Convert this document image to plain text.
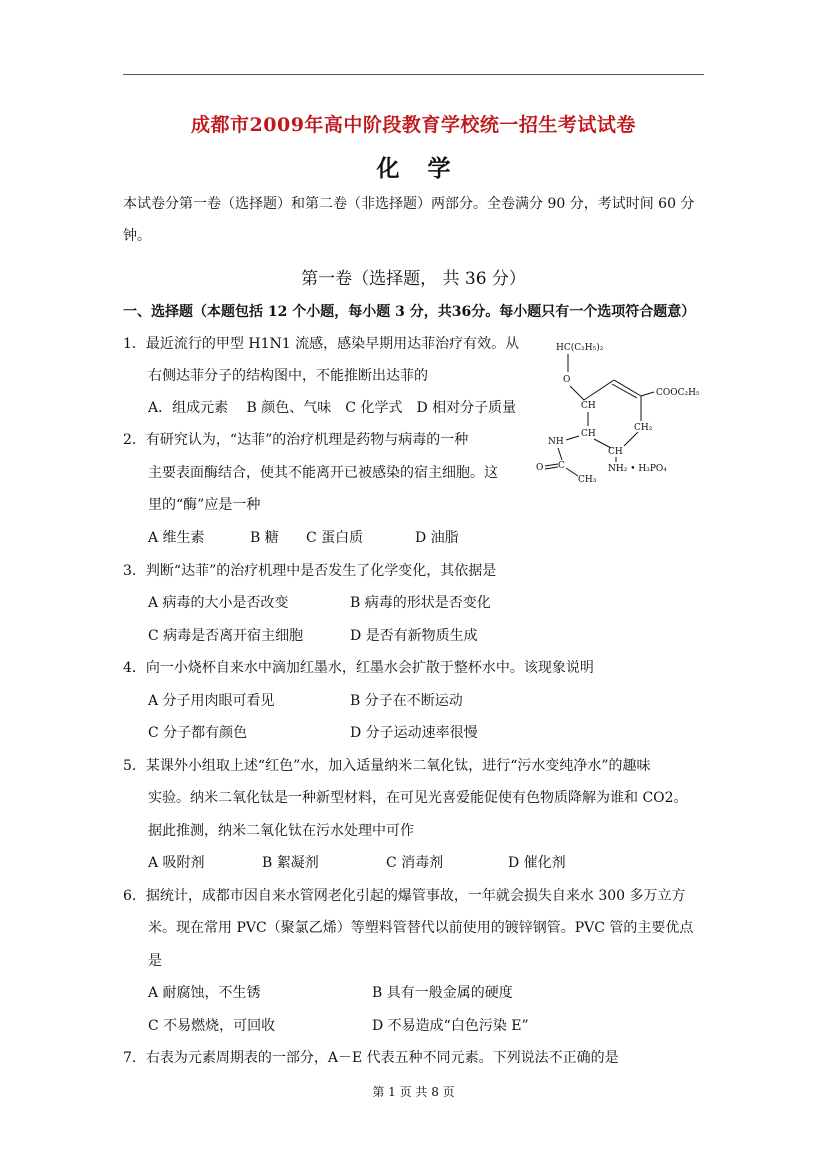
成都市2009年高中阶段教育学校统一招生考试试卷
化学
本试卷分第一卷（选择题）和第二卷（非选择题）两部分。全卷满分 90 分，考试时间 60 分
钟。
第一卷（选择题， 共 36 分）
一、选择题（本题包括 12 个小题，每小题 3 分，共36分。每小题只有一个选项符合题意）
1．最近流行的甲型 H1N1 流感，感染早期用达菲治疗有效。从
右侧达菲分子的结构图中，不能推断出达菲的
A．组成元素　 B 颜色、气味　C 化学式　D 相对分子质量
HC(C₂H₅)₂
O
COOC₂H₅
CH
CH₂
CH
CH
NH
O C
CH₃
NH₂ • H₃PO₄
2．有研究认为，“达菲”的治疗机理是药物与病毒的一种
主要表面酶结合，使其不能离开已被感染的宿主细胞。这
里的“酶”应是一种
A 维生素	B 糖 C 蛋白质	D 油脂
3．判断“达菲”的治疗机理中是否发生了化学变化，其依据是
A 病毒的大小是否改变	B 病毒的形状是否变化
C 病毒是否离开宿主细胞	D 是否有新物质生成
4．向一小烧杯自来水中滴加红墨水，红墨水会扩散于整杯水中。该现象说明
A 分子用肉眼可看见	B 分子在不断运动
C 分子都有颜色	D 分子运动速率很慢
5．某课外小组取上述“红色”水，加入适量纳米二氧化钛，进行“污水变纯净水”的趣味
实验。纳米二氧化钛是一种新型材料，在可见光喜爱能促使有色物质降解为谁和 CO2。
据此推测，纳米二氧化钛在污水处理中可作
A 吸附剂	B 絮凝剂	C 消毒剂	D 催化剂
6．据统计，成都市因自来水管网老化引起的爆管事故，一年就会损失自来水 300 多万立方
米。现在常用 PVC（聚氯乙烯）等塑料管替代以前使用的镀锌钢管。PVC 管的主要优点
是
A 耐腐蚀，不生锈	B 具有一般金属的硬度
C 不易燃烧，可回收	D 不易造成“白色污染 E”
7．右表为元素周期表的一部分，A－E 代表五种不同元素。下列说法不正确的是
第 1 页 共 8 页
